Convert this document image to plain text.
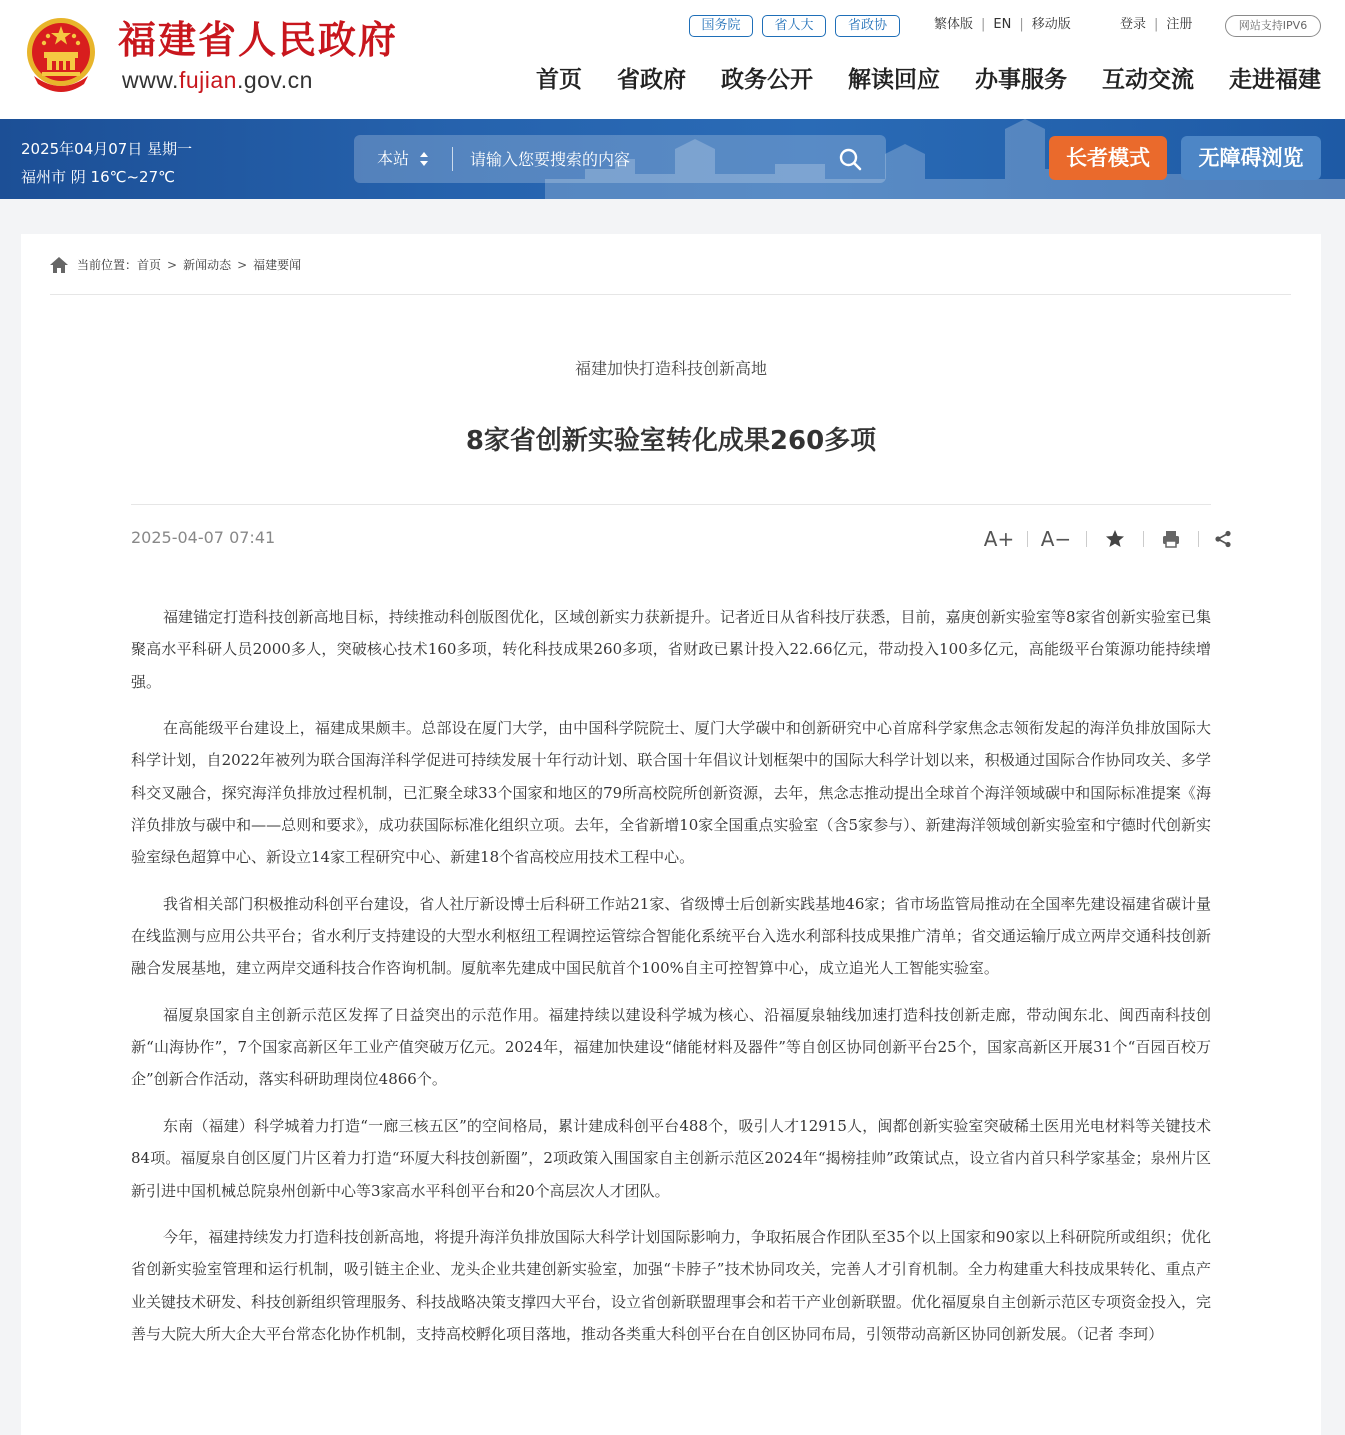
福建省人民政府
www.fujian.gov.cn
国务院	省人大	省政协	繁体版 | EN | 移动版	登录 | 注册	网站支持IPV6
首页 省政府 政务公开 解读回应 办事服务 互动交流 走进福建
2025年04月07日 星期一
福州市 阴 16℃~27℃
本站
请输入您要搜索的内容	长者模式	无障碍浏览
当前位置： 首页 > 新闻动态 > 福建要闻
福建加快打造科技创新高地
8家省创新实验室转化成果260多项
2025-04-07 07:41	A+ A−

福建锚定打造科技创新高地目标，持续推动科创版图优化，区域创新实力获新提升。记者近日从省科技厅获悉，目前，嘉庚创新实验室等8家省创新实验室已集聚高水平科研人员2000多人，突破核心技术160多项，转化科技成果260多项，省财政已累计投入22.66亿元，带动投入100多亿元，高能级平台策源功能持续增强。

在高能级平台建设上，福建成果颇丰。总部设在厦门大学，由中国科学院院士、厦门大学碳中和创新研究中心首席科学家焦念志领衔发起的海洋负排放国际大科学计划，自2022年被列为联合国海洋科学促进可持续发展十年行动计划、联合国十年倡议计划框架中的国际大科学计划以来，积极通过国际合作协同攻关、多学科交叉融合，探究海洋负排放过程机制，已汇聚全球33个国家和地区的79所高校院所创新资源，去年，焦念志推动提出全球首个海洋领域碳中和国际标准提案《海洋负排放与碳中和——总则和要求》，成功获国际标准化组织立项。去年，全省新增10家全国重点实验室（含5家参与）、新建海洋领域创新实验室和宁德时代创新实验室绿色超算中心、新设立14家工程研究中心、新建18个省高校应用技术工程中心。

我省相关部门积极推动科创平台建设，省人社厅新设博士后科研工作站21家、省级博士后创新实践基地46家；省市场监管局推动在全国率先建设福建省碳计量在线监测与应用公共平台；省水利厅支持建设的大型水利枢纽工程调控运管综合智能化系统平台入选水利部科技成果推广清单；省交通运输厅成立两岸交通科技创新融合发展基地，建立两岸交通科技合作咨询机制。厦航率先建成中国民航首个100%自主可控智算中心，成立追光人工智能实验室。

福厦泉国家自主创新示范区发挥了日益突出的示范作用。福建持续以建设科学城为核心、沿福厦泉轴线加速打造科技创新走廊，带动闽东北、闽西南科技创新“山海协作”，7个国家高新区年工业产值突破万亿元。2024年，福建加快建设“储能材料及器件”等自创区协同创新平台25个，国家高新区开展31个“百园百校万企”创新合作活动，落实科研助理岗位4866个。

东南（福建）科学城着力打造“一廊三核五区”的空间格局，累计建成科创平台488个，吸引人才12915人，闽都创新实验室突破稀土医用光电材料等关键技术84项。福厦泉自创区厦门片区着力打造“环厦大科技创新圈”，2项政策入围国家自主创新示范区2024年“揭榜挂帅”政策试点，设立省内首只科学家基金；泉州片区新引进中国机械总院泉州创新中心等3家高水平科创平台和20个高层次人才团队。

今年，福建持续发力打造科技创新高地，将提升海洋负排放国际大科学计划国际影响力，争取拓展合作团队至35个以上国家和90家以上科研院所或组织；优化省创新实验室管理和运行机制，吸引链主企业、龙头企业共建创新实验室，加强“卡脖子”技术协同攻关，完善人才引育机制。全力构建重大科技成果转化、重点产业关键技术研发、科技创新组织管理服务、科技战略决策支撑四大平台，设立省创新联盟理事会和若干产业创新联盟。优化福厦泉自主创新示范区专项资金投入，完善与大院大所大企大平台常态化协作机制，支持高校孵化项目落地，推动各类重大科创平台在自创区协同布局，引领带动高新区协同创新发展。（记者 李珂）
